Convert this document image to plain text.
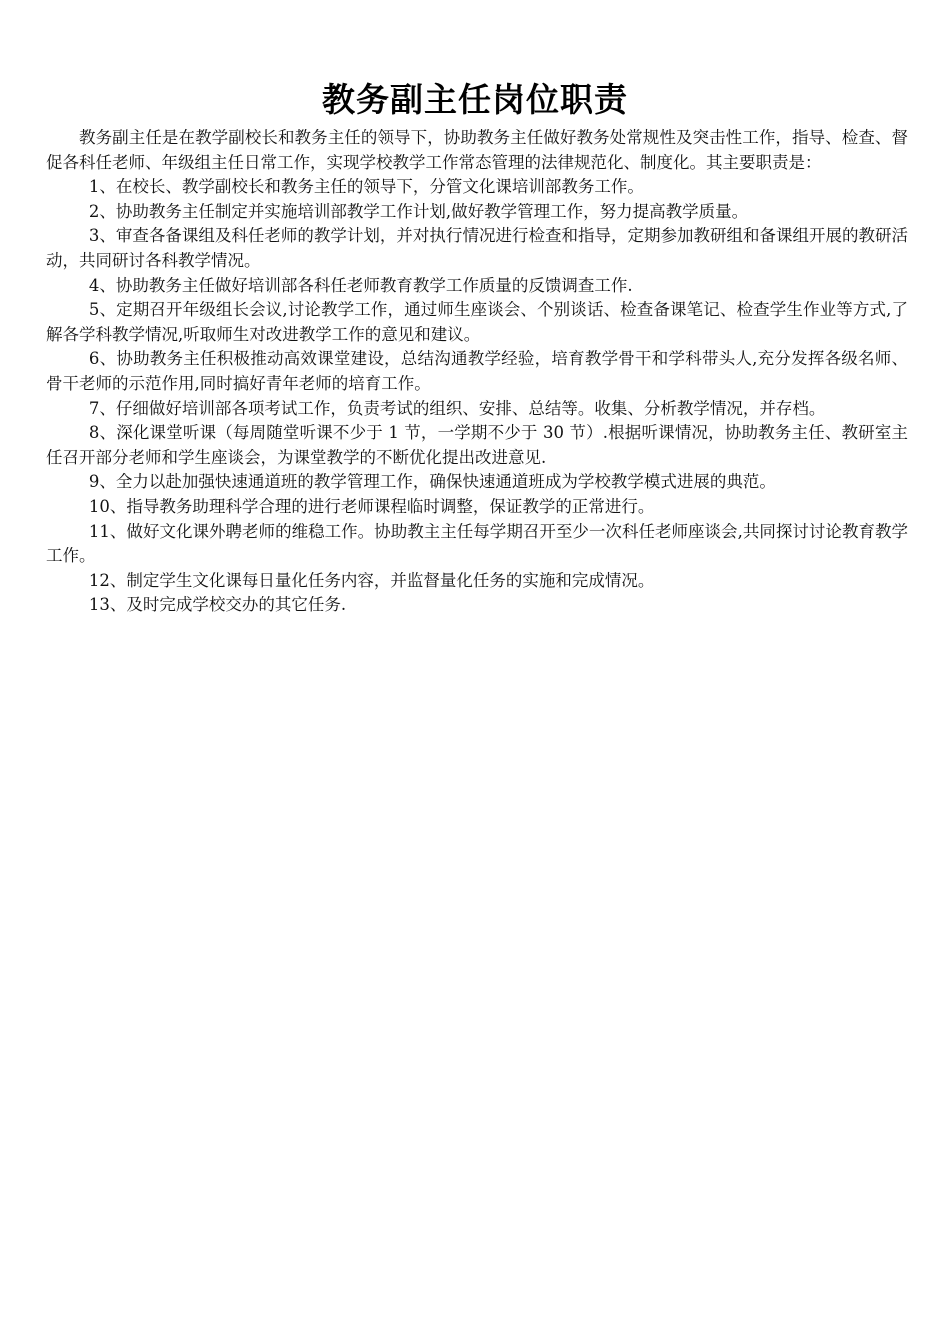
教务副主任岗位职责

教务副主任是在教学副校长和教务主任的领导下，协助教务主任做好教务处常规性及突击性工作，指导、检查、督促各科任老师、年级组主任日常工作，实现学校教学工作常态管理的法律规范化、制度化。其主要职责是：

1、在校长、教学副校长和教务主任的领导下，分管文化课培训部教务工作。

2、协助教务主任制定并实施培训部教学工作计划,做好教学管理工作，努力提高教学质量。

3、审查各备课组及科任老师的教学计划，并对执行情况进行检查和指导，定期参加教研组和备课组开展的教研活动，共同研讨各科教学情况。

4、协助教务主任做好培训部各科任老师教育教学工作质量的反馈调查工作.

5、定期召开年级组长会议,讨论教学工作，通过师生座谈会、个别谈话、检查备课笔记、检查学生作业等方式,了解各学科教学情况,听取师生对改进教学工作的意见和建议。

6、协助教务主任积极推动高效课堂建设，总结沟通教学经验，培育教学骨干和学科带头人,充分发挥各级名师、骨干老师的示范作用,同时搞好青年老师的培育工作。

7、仔细做好培训部各项考试工作，负责考试的组织、安排、总结等。收集、分析教学情况，并存档。

8、深化课堂听课（每周随堂听课不少于 1 节，一学期不少于 30 节）.根据听课情况，协助教务主任、教研室主任召开部分老师和学生座谈会，为课堂教学的不断优化提出改进意见.

9、全力以赴加强快速通道班的教学管理工作，确保快速通道班成为学校教学模式进展的典范。

10、指导教务助理科学合理的进行老师课程临时调整，保证教学的正常进行。

11、做好文化课外聘老师的维稳工作。协助教主主任每学期召开至少一次科任老师座谈会,共同探讨讨论教育教学工作。

12、制定学生文化课每日量化任务内容，并监督量化任务的实施和完成情况。

13、及时完成学校交办的其它任务.
